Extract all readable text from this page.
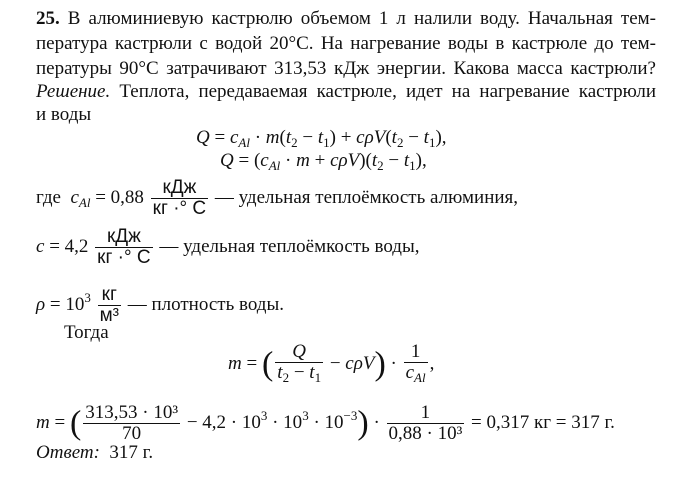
25. В алюминиевую кастрюлю объемом 1 л налили воду. Начальная тем-
пература кастрюли с водой 20°С. На нагревание воды в кастрюле до тем-
пературы 90°С затрачивают 313,53 кДж энергии. Какова масса кастрюли?
Решение. Теплота, передаваемая кастрюле, идет на нагревание кастрюли
и воды
$Q = c_{Al} \cdot m(t_2 - t_1) + c\rho V(t_2 - t_1)$,
$Q = (c_{Al} \cdot m + c\rho V)(t_2 - t_1)$,
где $c_{Al} = 0,88 \frac{\text{кДж}}{кг \cdot^\circ С}$ — удельная теплоёмкость алюминия,
$c = 4,2 \frac{\text{кДж}}{кг \cdot^\circ С}$ — удельная теплоёмкость воды,
$\rho = 10^3 \frac{кг}{\text{м³}}$ — плотность воды.
Тогда
m = ( $\frac{Q}{t_2 - t_1} - c\rho V) \cdot \frac{1}{c_{Al}}$ ,
m = ( $\frac{\text{313,53 · 10³}}{70} - 4,2 \cdot 10^3 \cdot 10^3 \cdot 10^{-3}) \cdot \frac{1}{\text{0,88 · 10³}} = 0,317$ кг = 317 г.
Ответ: 317 г.
